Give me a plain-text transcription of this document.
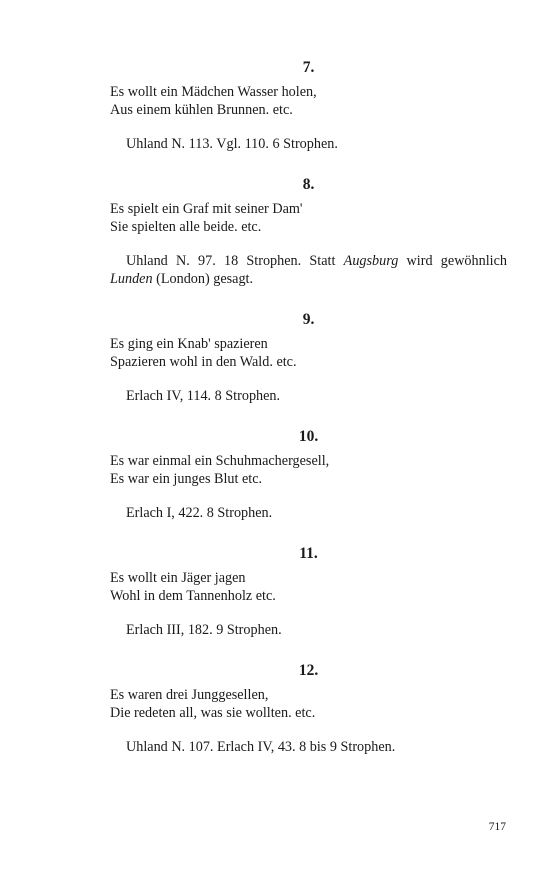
7.
Es wollt ein Mädchen Wasser holen,
Aus einem kühlen Brunnen. etc.
Uhland N. 113. Vgl. 110. 6 Strophen.
8.
Es spielt ein Graf mit seiner Dam'
Sie spielten alle beide. etc.
Uhland N. 97. 18 Strophen. Statt Augsburg wird gewöhnlich Lunden (London) gesagt.
9.
Es ging ein Knab' spazieren
Spazieren wohl in den Wald. etc.
Erlach IV, 114. 8 Strophen.
10.
Es war einmal ein Schuhmachergesell,
Es war ein junges Blut etc.
Erlach I, 422. 8 Strophen.
11.
Es wollt ein Jäger jagen
Wohl in dem Tannenholz etc.
Erlach III, 182. 9 Strophen.
12.
Es waren drei Junggesellen,
Die redeten all, was sie wollten. etc.
Uhland N. 107. Erlach IV, 43. 8 bis 9 Strophen.
717
